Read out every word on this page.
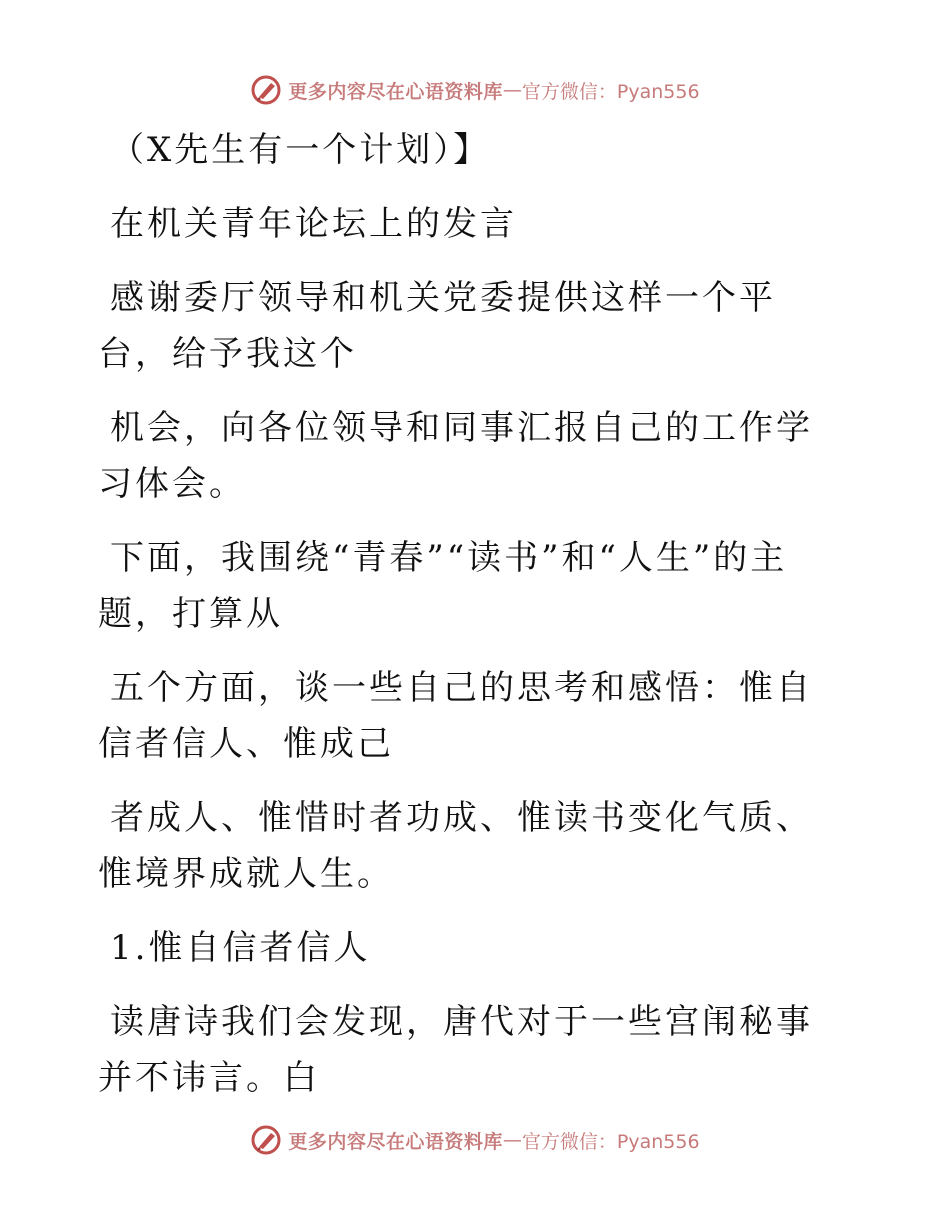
更多内容尽在心语资料库 — 官方微信：Pyan556

（X先生有一个计划）】

在机关青年论坛上的发言

感谢委厅领导和机关党委提供这样一个平台，给予我这个

机会，向各位领导和同事汇报自己的工作学习体会。

下面，我围绕“青春”“读书”和“人生”的主题，打算从

五个方面，谈一些自己的思考和感悟：惟自信者信人、惟成己

者成人、惟惜时者功成、惟读书变化气质、惟境界成就人生。

1.惟自信者信人

读唐诗我们会发现，唐代对于一些宫闱秘事并不讳言。白

更多内容尽在心语资料库 — 官方微信：Pyan556
